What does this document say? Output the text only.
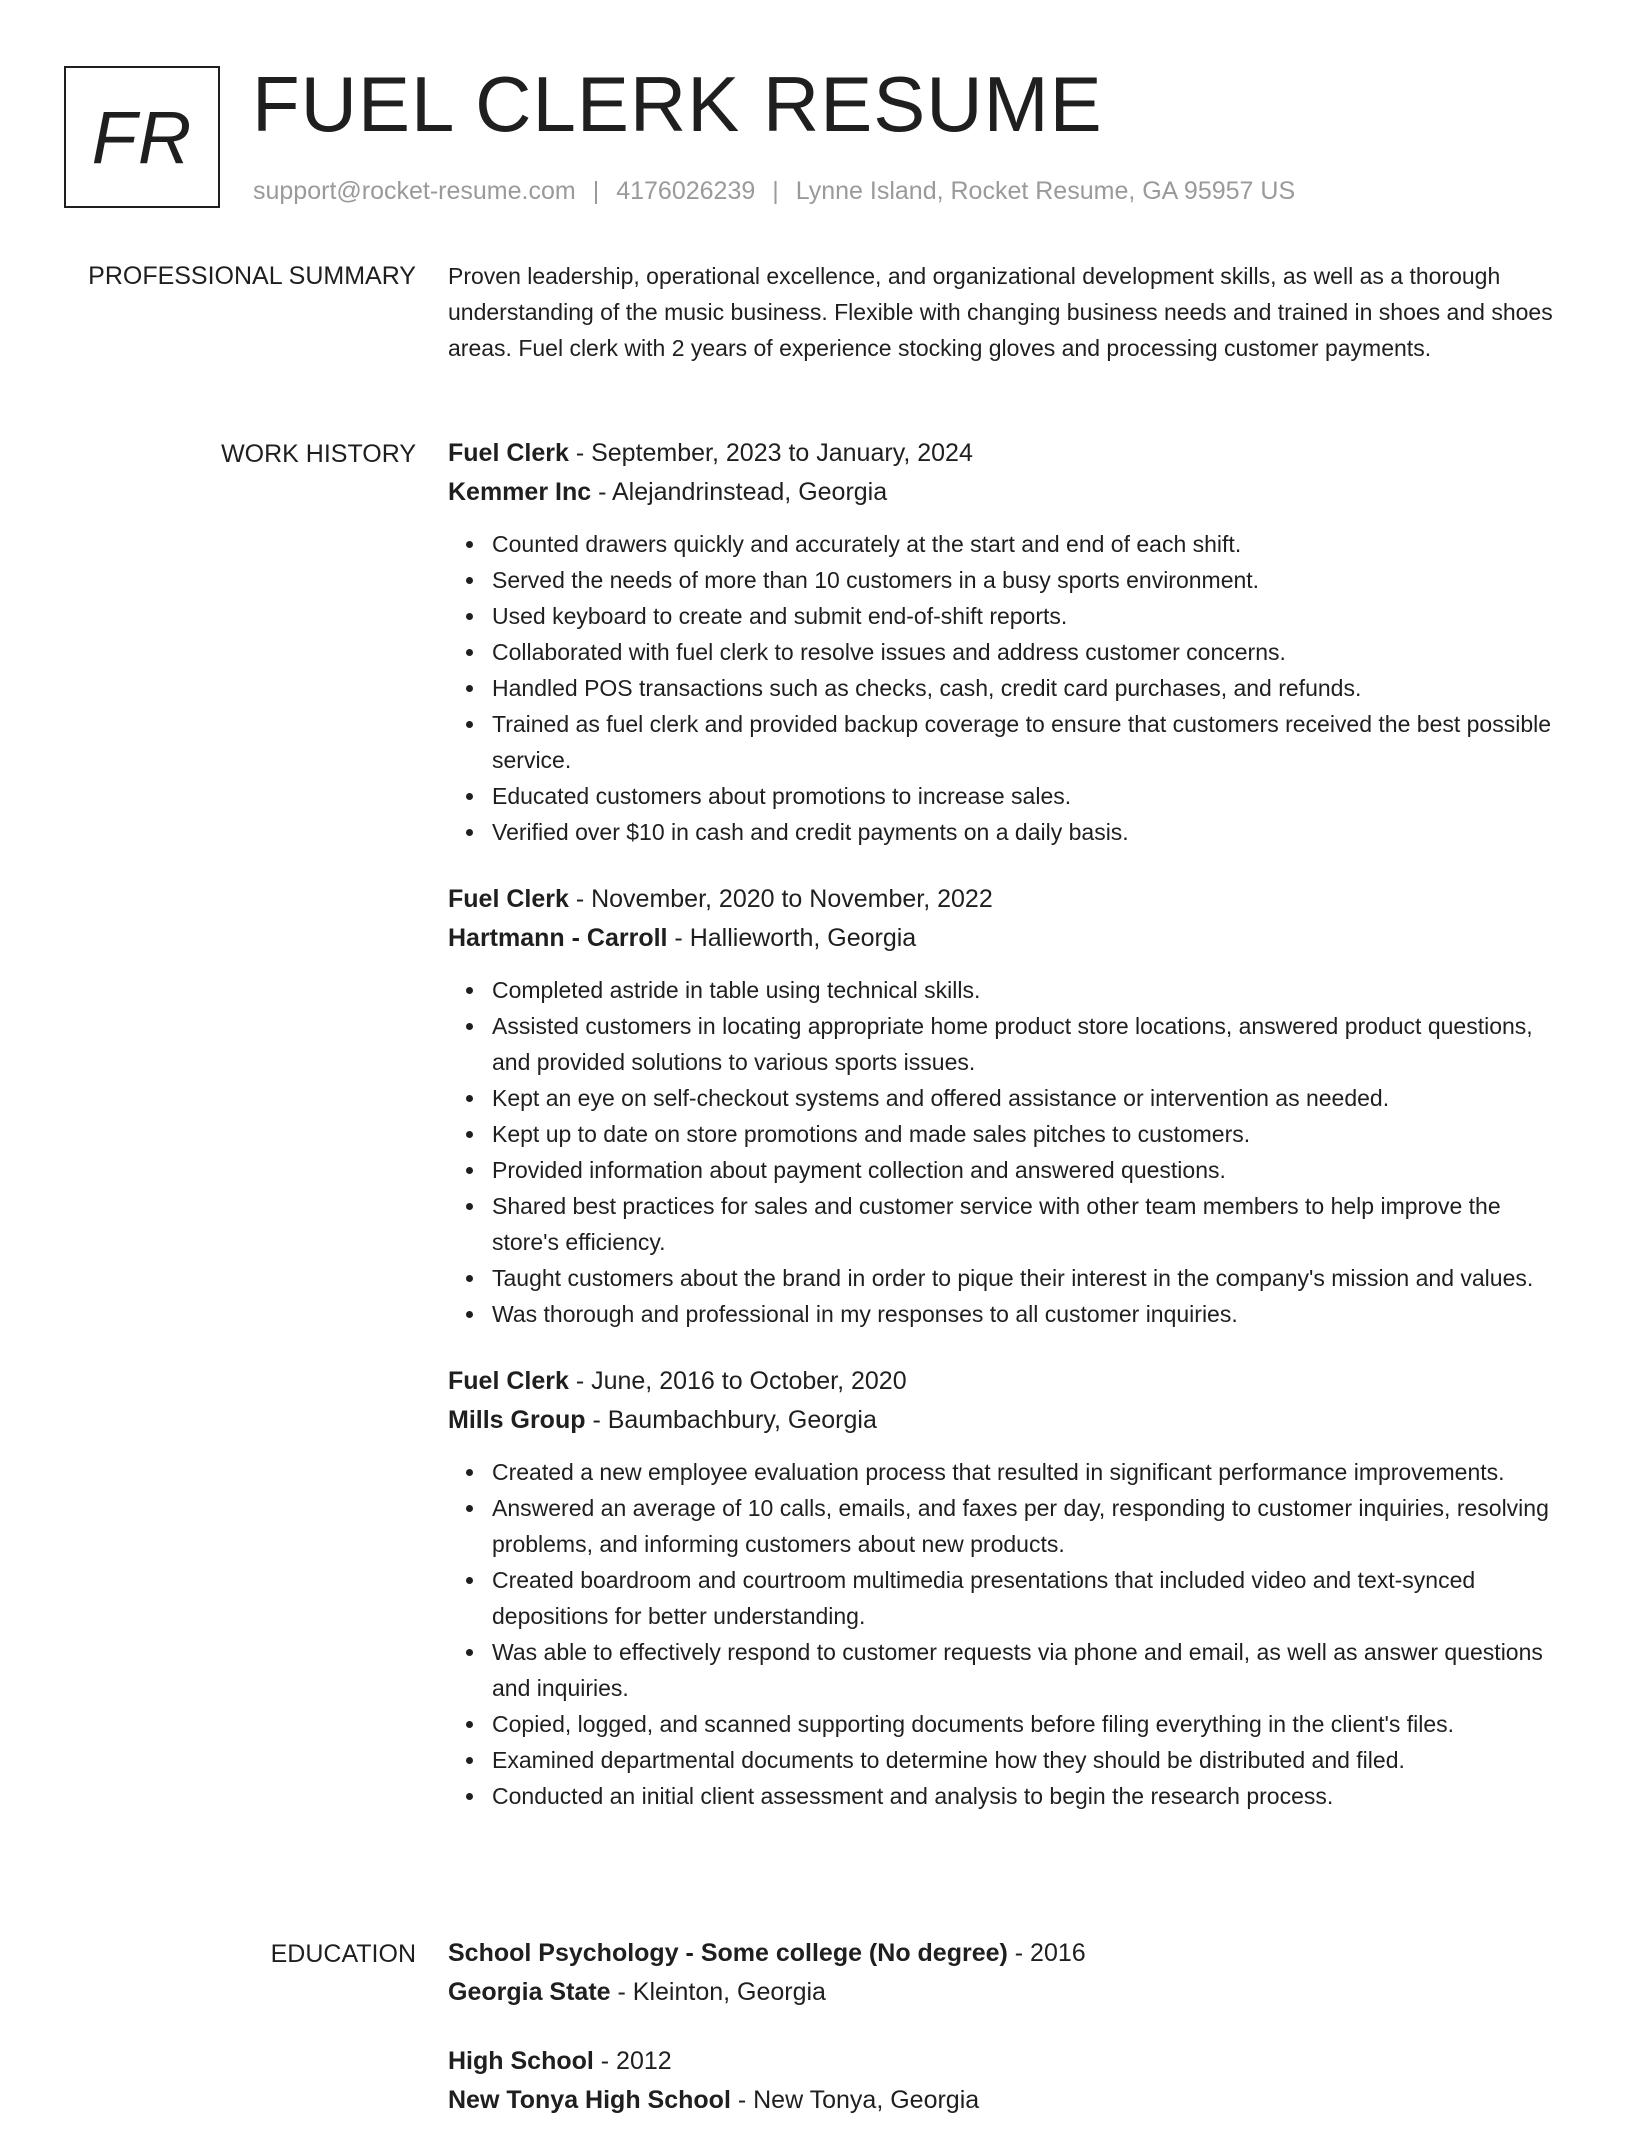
FR FUEL CLERK RESUME
support@rocket-resume.com | 4176026239 | Lynne Island, Rocket Resume, GA 95957 US
PROFESSIONAL SUMMARY Proven leadership, operational excellence, and organizational development skills, as well as a thorough understanding of the music business. Flexible with changing business needs and trained in shoes and shoes areas. Fuel clerk with 2 years of experience stocking gloves and processing customer payments.

WORK HISTORY Fuel Clerk - September, 2023 to January, 2024
Kemmer Inc - Alejandrinstead, Georgia
Counted drawers quickly and accurately at the start and end of each shift.
Served the needs of more than 10 customers in a busy sports environment.
Used keyboard to create and submit end-of-shift reports.
Collaborated with fuel clerk to resolve issues and address customer concerns.
Handled POS transactions such as checks, cash, credit card purchases, and refunds.
Trained as fuel clerk and provided backup coverage to ensure that customers received the best possible service.
Educated customers about promotions to increase sales.
Verified over $10 in cash and credit payments on a daily basis.
Fuel Clerk - November, 2020 to November, 2022
Hartmann - Carroll - Hallieworth, Georgia
Completed astride in table using technical skills.
Assisted customers in locating appropriate home product store locations, answered product questions, and provided solutions to various sports issues.
Kept an eye on self-checkout systems and offered assistance or intervention as needed.
Kept up to date on store promotions and made sales pitches to customers.
Provided information about payment collection and answered questions.
Shared best practices for sales and customer service with other team members to help improve the store's efficiency.
Taught customers about the brand in order to pique their interest in the company's mission and values.
Was thorough and professional in my responses to all customer inquiries.
Fuel Clerk - June, 2016 to October, 2020
Mills Group - Baumbachbury, Georgia
Created a new employee evaluation process that resulted in significant performance improvements.
Answered an average of 10 calls, emails, and faxes per day, responding to customer inquiries, resolving problems, and informing customers about new products.
Created boardroom and courtroom multimedia presentations that included video and text-synced depositions for better understanding.
Was able to effectively respond to customer requests via phone and email, as well as answer questions and inquiries.
Copied, logged, and scanned supporting documents before filing everything in the client's files.
Examined departmental documents to determine how they should be distributed and filed.
Conducted an initial client assessment and analysis to begin the research process.
EDUCATION School Psychology - Some college (No degree) - 2016
Georgia State - Kleinton, Georgia
High School - 2012
New Tonya High School - New Tonya, Georgia
